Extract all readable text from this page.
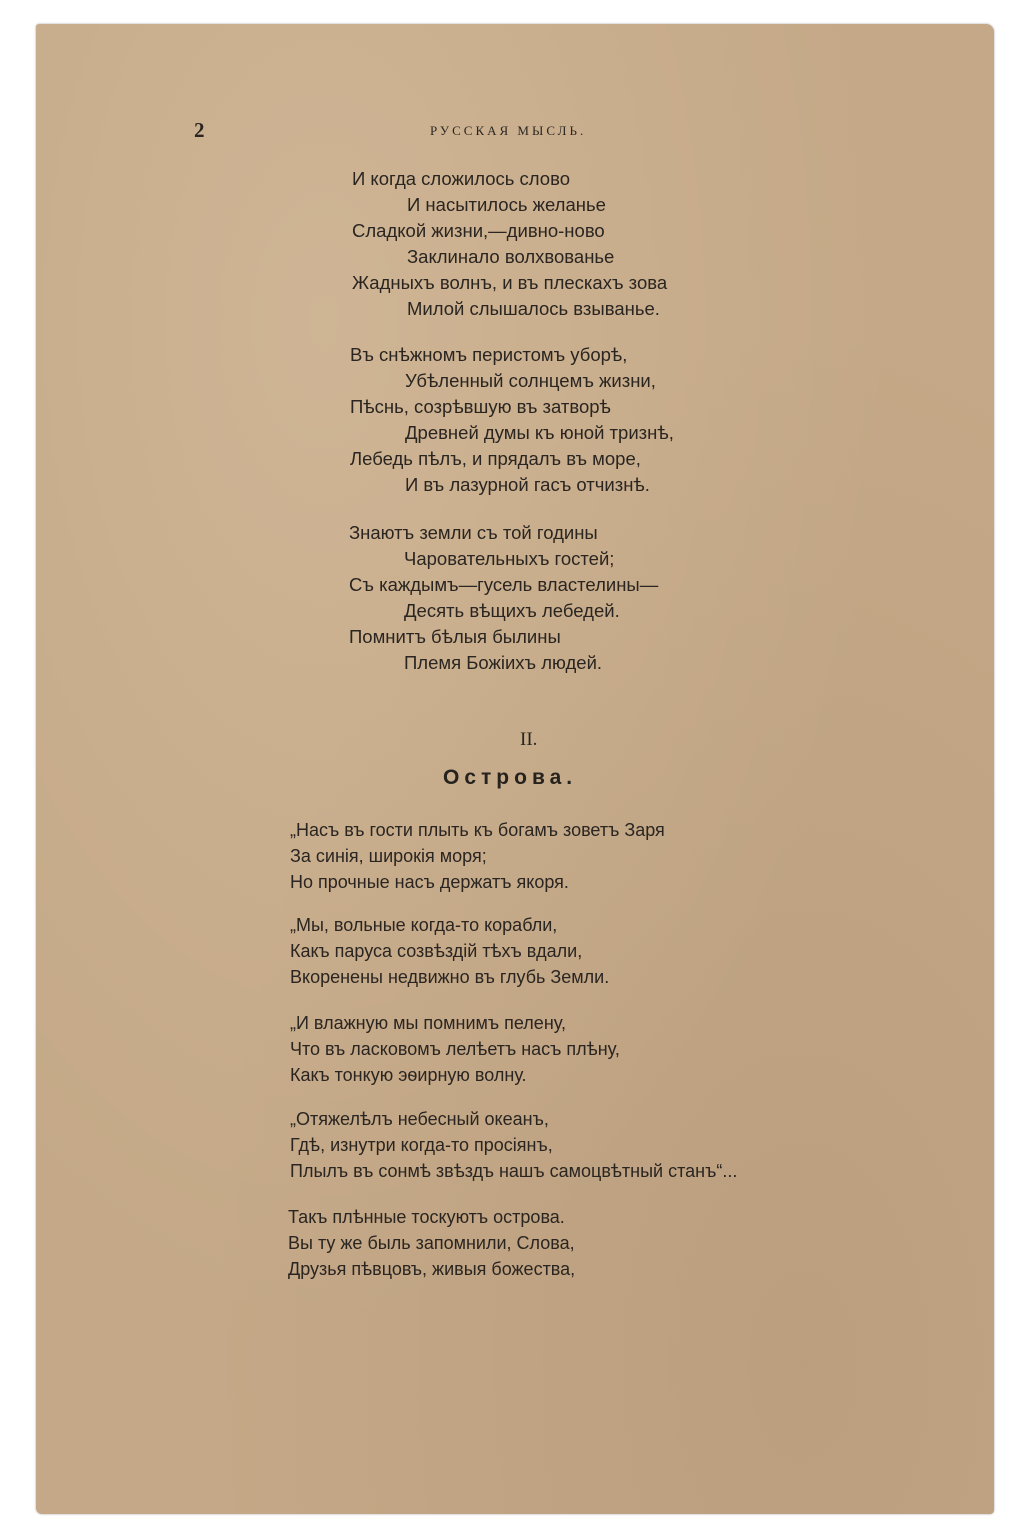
2	РУССКАЯ МЫСЛЬ.
И когда сложилось слово
И насытилось желанье
Сладкой жизни,—дивно-ново
Заклинало волхвованье
Жадныхъ волнъ, и въ плескахъ зова
Милой слышалось взыванье.
Въ снѣжномъ перистомъ уборѣ,
Убѣленный солнцемъ жизни,
Пѣснь, созрѣвшую въ затворѣ
Древней думы къ юной тризнѣ,
Лебедь пѣлъ, и прядалъ въ море,
И въ лазурной гасъ отчизнѣ.
Знаютъ земли съ той годины
Чаровательныхъ гостей;
Съ каждымъ—гусель властелины—
Десять вѣщихъ лебедей.
Помнитъ бѣлыя былины
Племя Божіихъ людей.
II.
Острова.
„Насъ въ гости плыть къ богамъ зоветъ Заря
За синія, широкія моря;
Но прочные насъ держатъ якоря.
„Мы, вольные когда-то корабли,
Какъ паруса созвѣздій тѣхъ вдали,
Вкоренены недвижно въ глубь Земли.
„И влажную мы помнимъ пелену,
Что въ ласковомъ лелѣетъ насъ плѣну,
Какъ тонкую эѳирную волну.
„Отяжелѣлъ небесный океанъ,
Гдѣ, изнутри когда-то просіянъ,
Плылъ въ сонмѣ звѣздъ нашъ самоцвѣтный станъ“...
Такъ плѣнные тоскуютъ острова.
Вы ту же быль запомнили, Слова,
Друзья пѣвцовъ, живыя божества,
